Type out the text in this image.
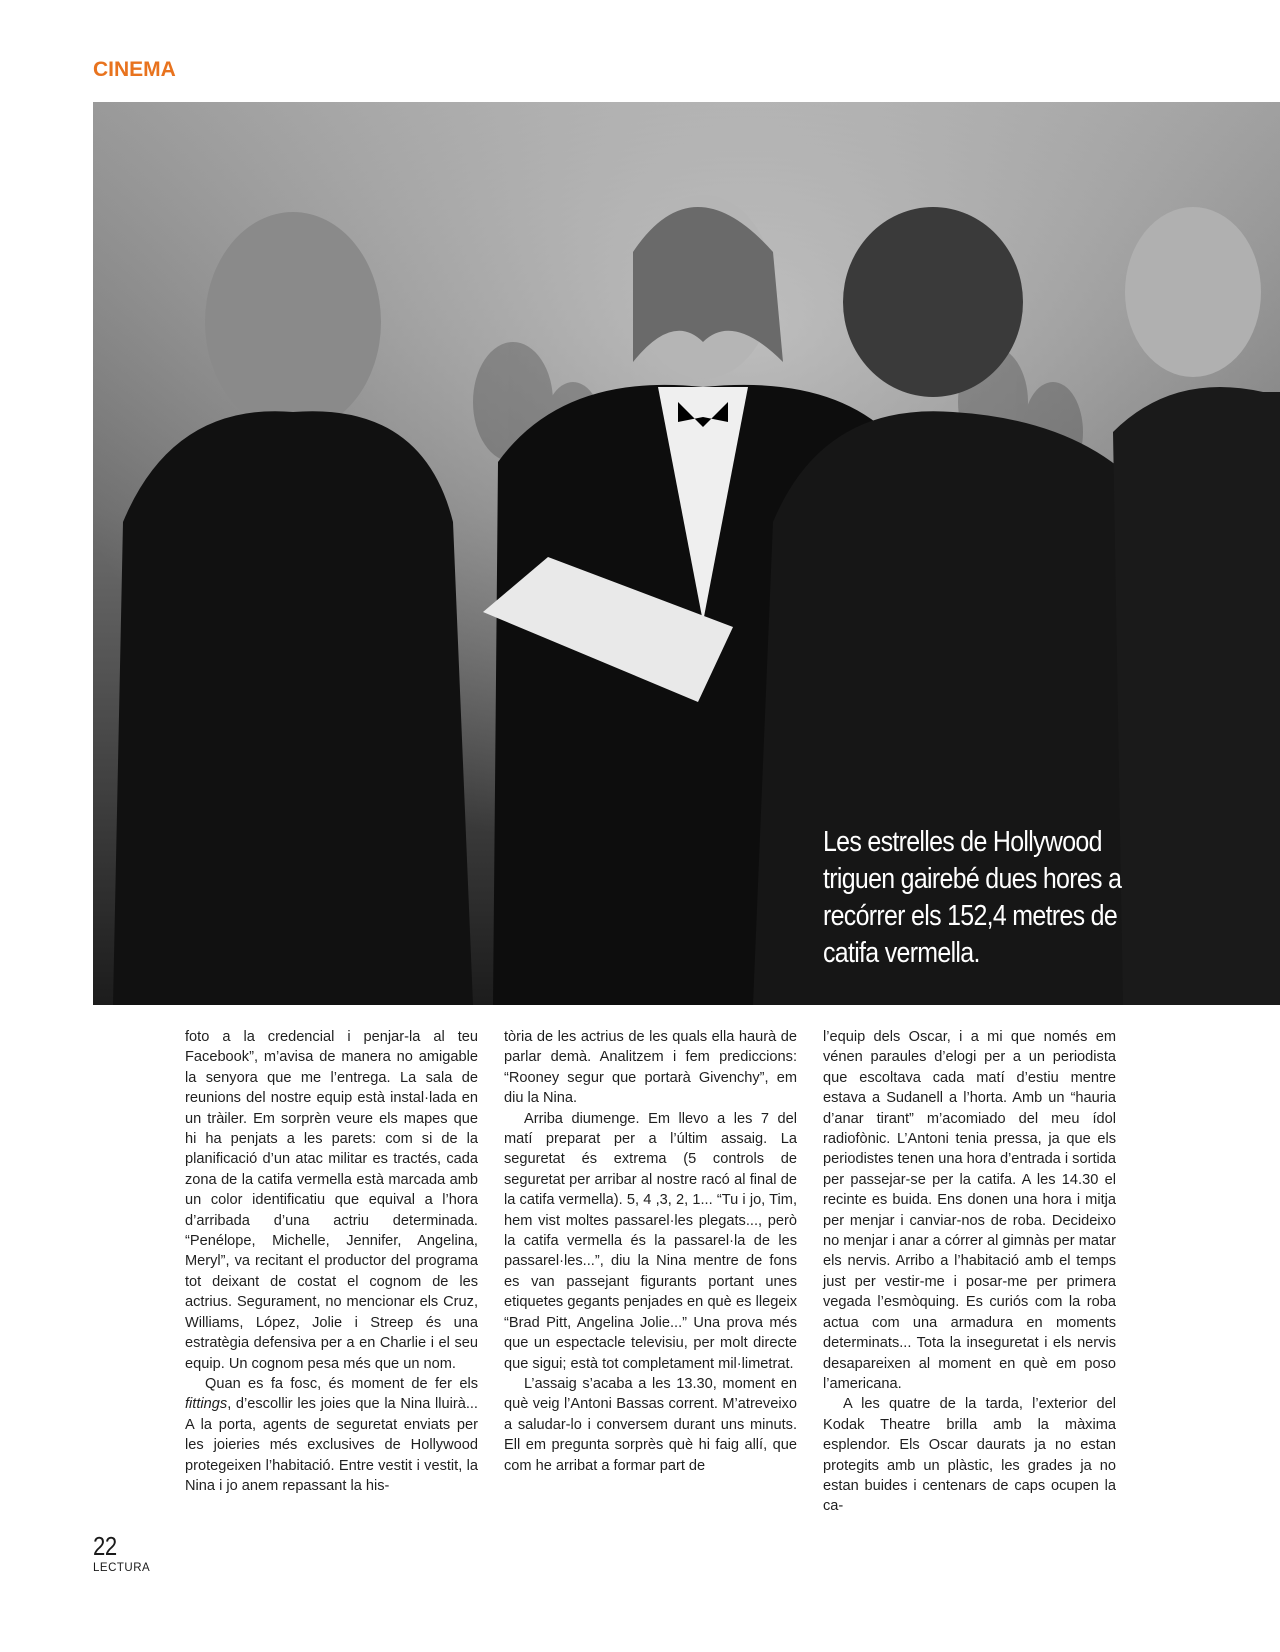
CINEMA
Les estrelles de Hollywood triguen gairebé dues hores a recórrer els 152,4 metres de catifa vermella.

foto a la credencial i penjar-la al teu Facebook”, m’avisa de manera no amigable la senyora que me l’entrega. La sala de reunions del nostre equip està instal·lada en un tràiler. Em sorprèn veure els mapes que hi ha penjats a les parets: com si de la planificació d’un atac militar es tractés, cada zona de la catifa vermella està marcada amb un color identificatiu que equival a l’hora d’arribada d’una actriu determinada. “Penélope, Michelle, Jennifer, Angelina, Meryl”, va recitant el productor del programa tot deixant de costat el cognom de les actrius. Segurament, no mencionar els Cruz, Williams, López, Jolie i Streep és una estratègia defensiva per a en Charlie i el seu equip. Un cognom pesa més que un nom.

Quan es fa fosc, és moment de fer els fittings, d’escollir les joies que la Nina lluirà... A la porta, agents de seguretat enviats per les joieries més exclusives de Hollywood protegeixen l’habitació. Entre vestit i vestit, la Nina i jo anem repassant la his-

tòria de les actrius de les quals ella haurà de parlar demà. Analitzem i fem prediccions: “Rooney segur que portarà Givenchy”, em diu la Nina.

Arriba diumenge. Em llevo a les 7 del matí preparat per a l’últim assaig. La seguretat és extrema (5 controls de seguretat per arribar al nostre racó al final de la catifa vermella). 5, 4 ,3, 2, 1... “Tu i jo, Tim, hem vist moltes passarel·les plegats..., però la catifa vermella és la passarel·la de les passarel·les...”, diu la Nina mentre de fons es van passejant figurants portant unes etiquetes gegants penjades en què es llegeix “Brad Pitt, Angelina Jolie...” Una prova més que un espectacle televisiu, per molt directe que sigui; està tot completament mil·limetrat.

L’assaig s’acaba a les 13.30, moment en què veig l’Antoni Bassas corrent. M’atreveixo a saludar-lo i conversem durant uns minuts. Ell em pregunta sorprès què hi faig allí, que com he arribat a formar part de

l’equip dels Oscar, i a mi que només em vénen paraules d’elogi per a un periodista que escoltava cada matí d’estiu mentre estava a Sudanell a l’horta. Amb un “hauria d’anar tirant” m’acomiado del meu ídol radiofònic. L’Antoni tenia pressa, ja que els periodistes tenen una hora d’entrada i sortida per passejar-se per la catifa. A les 14.30 el recinte es buida. Ens donen una hora i mitja per menjar i canviar-nos de roba. Decideixo no menjar i anar a córrer al gimnàs per matar els nervis. Arribo a l’habitació amb el temps just per vestir-me i posar-me per primera vegada l’esmòquing. Es curiós com la roba actua com una armadura en moments determinats... Tota la inseguretat i els nervis desapareixen al moment en què em poso l’americana.

A les quatre de la tarda, l’exterior del Kodak Theatre brilla amb la màxima esplendor. Els Oscar daurats ja no estan protegits amb un plàstic, les grades ja no estan buides i centenars de caps ocupen la ca-

22
LECTURA
